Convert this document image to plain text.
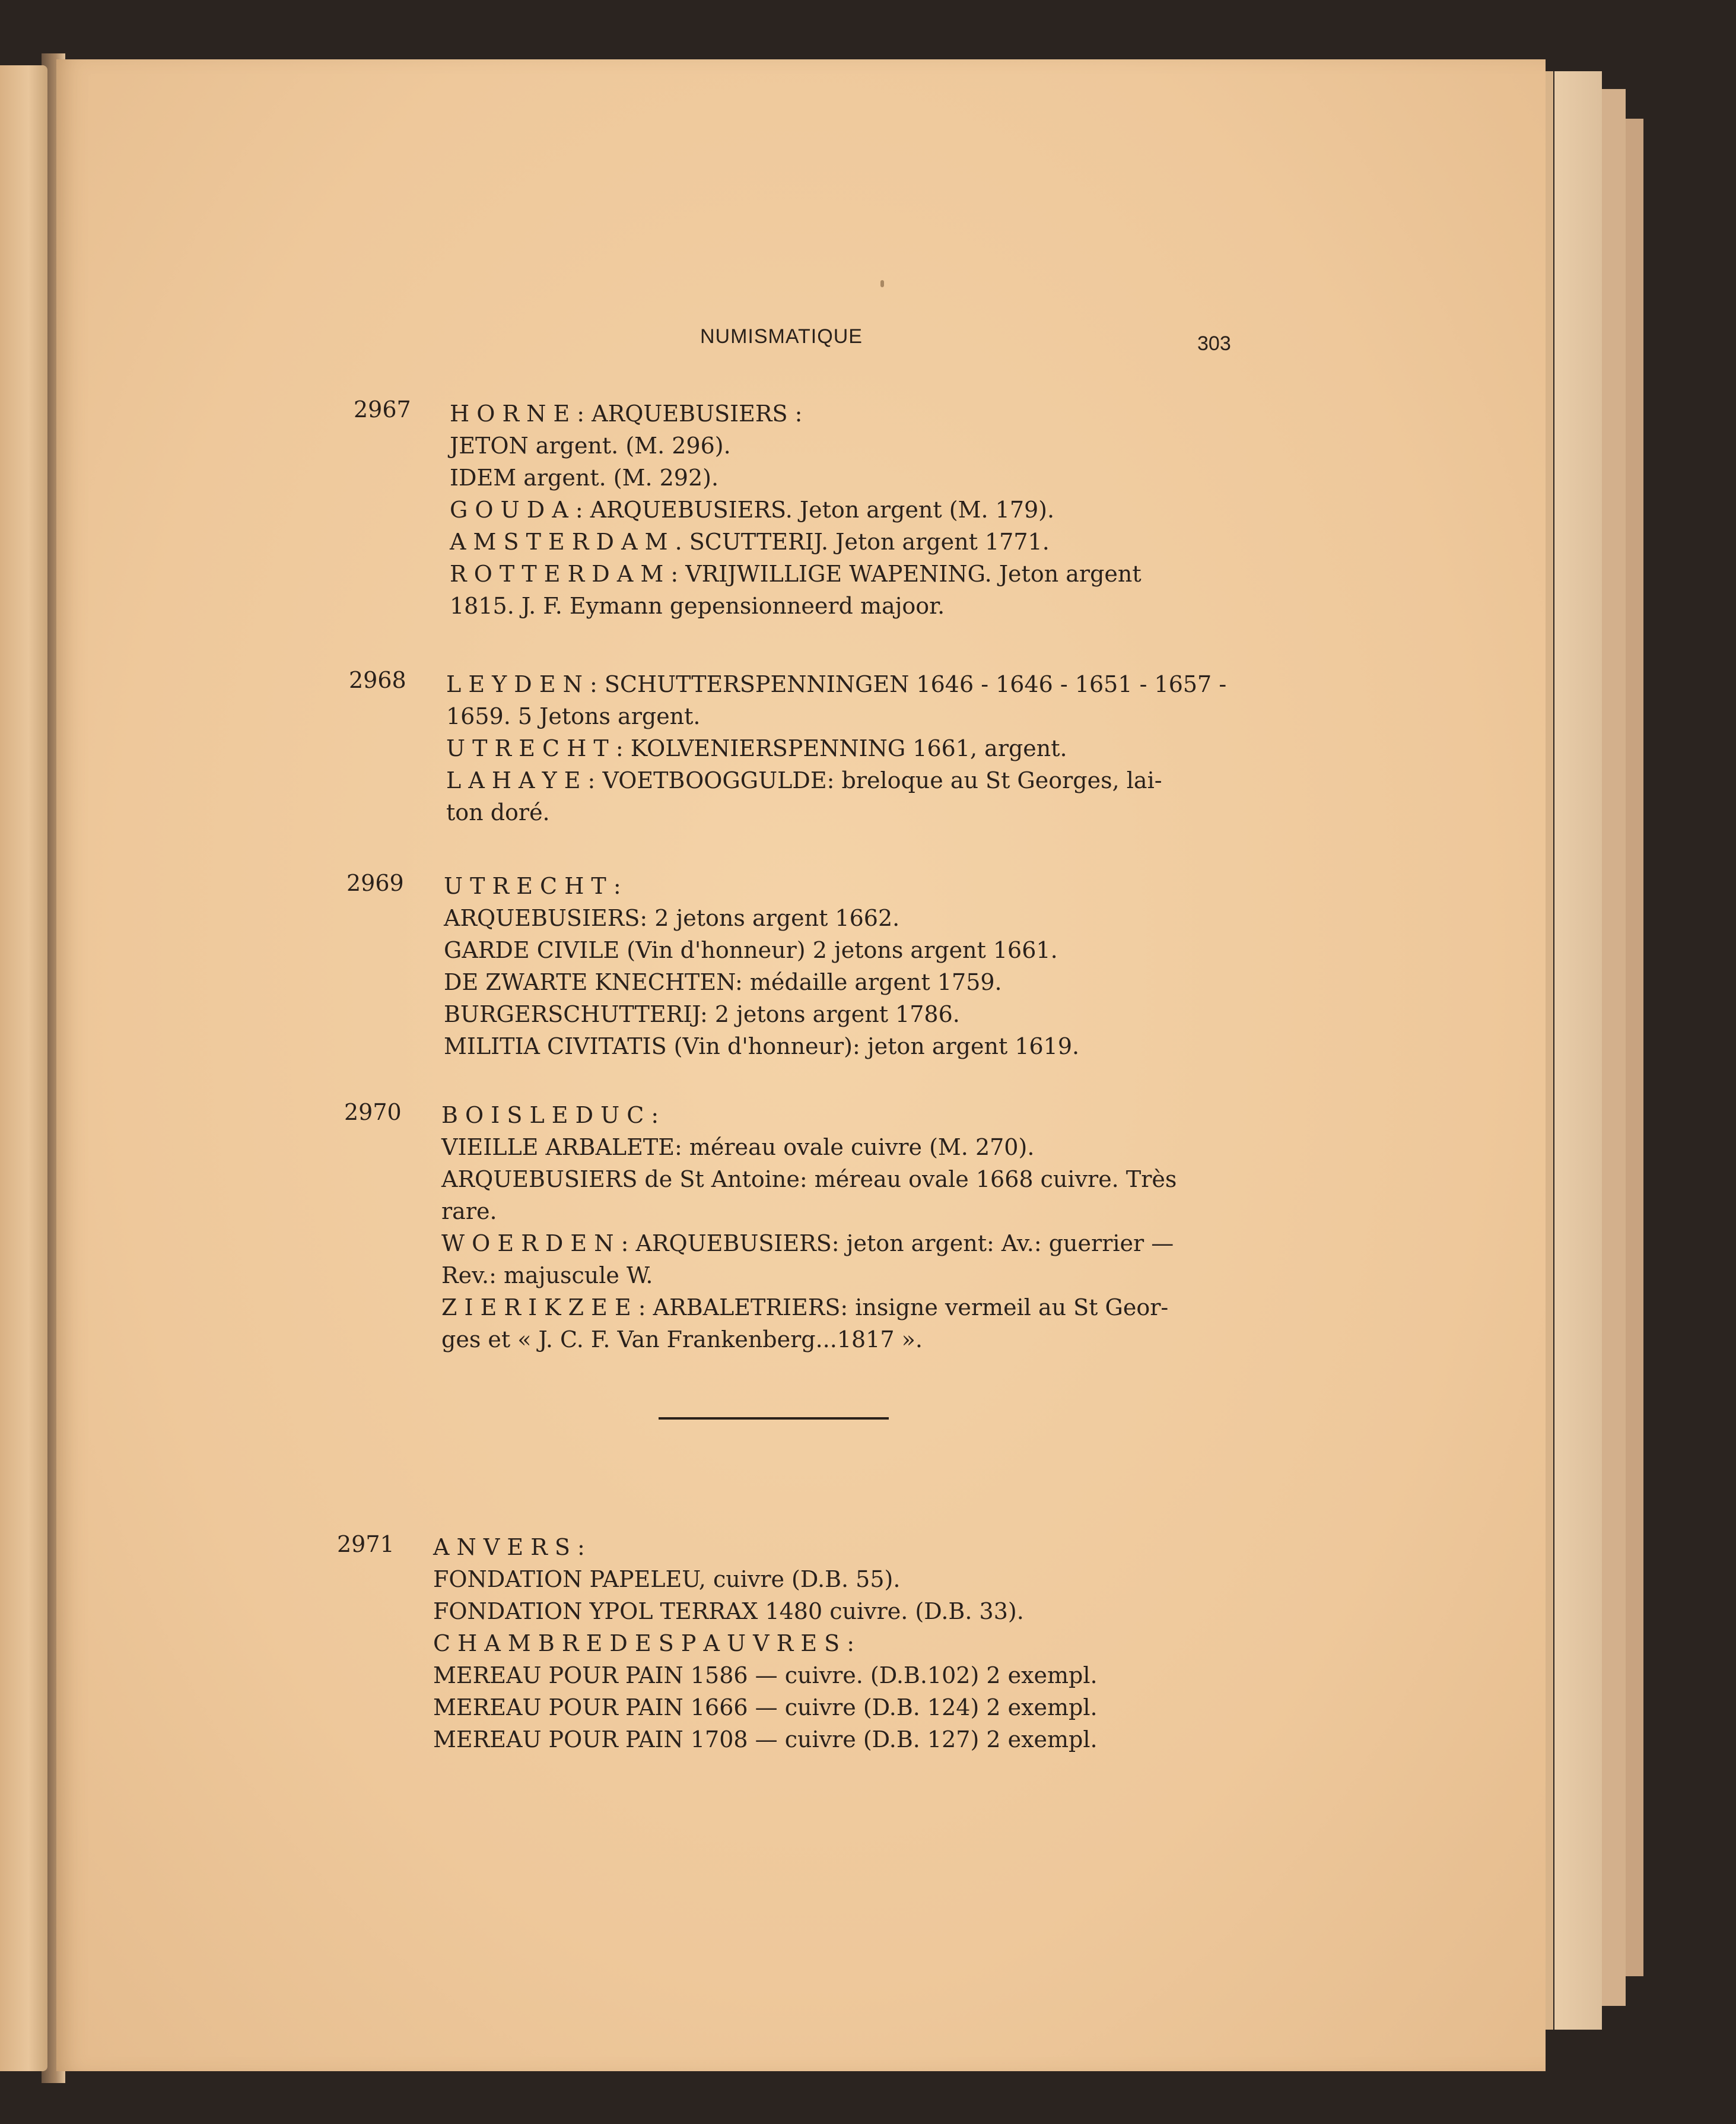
NUMISMATIQUE	303
2967 H O R N E : ARQUEBUSIERS :
JETON argent. (M. 296).
IDEM argent. (M. 292).
G O U D A : ARQUEBUSIERS. Jeton argent (M. 179).
A M S T E R D A M . SCUTTERIJ. Jeton argent 1771.
R O T T E R D A M : VRIJWILLIGE WAPENING. Jeton argent
1815. J. F. Eymann gepensionneerd majoor.
2968 L E Y D E N : SCHUTTERSPENNINGEN 1646 - 1646 - 1651 - 1657 -
1659. 5 Jetons argent.
U T R E C H T : KOLVENIERSPENNING 1661, argent.
L A H A Y E : VOETBOOGGULDE: breloque au St Georges, lai-
ton doré.
2969 U T R E C H T :
ARQUEBUSIERS: 2 jetons argent 1662.
GARDE CIVILE (Vin d'honneur) 2 jetons argent 1661.
DE ZWARTE KNECHTEN: médaille argent 1759.
BURGERSCHUTTERIJ: 2 jetons argent 1786.
MILITIA CIVITATIS (Vin d'honneur): jeton argent 1619.
2970 B O I S L E D U C :
VIEILLE ARBALETE: méreau ovale cuivre (M. 270).
ARQUEBUSIERS de St Antoine: méreau ovale 1668 cuivre. Très
rare.
W O E R D E N : ARQUEBUSIERS: jeton argent: Av.: guerrier —
Rev.: majuscule W.
Z I E R I K Z E E : ARBALETRIERS: insigne vermeil au St Geor-
ges et « J. C. F. Van Frankenberg...1817 ».
2971 A N V E R S :
FONDATION PAPELEU, cuivre (D.B. 55).
FONDATION YPOL TERRAX 1480 cuivre. (D.B. 33).
C H A M B R E D E S P A U V R E S :
MEREAU POUR PAIN 1586 — cuivre. (D.B.102) 2 exempl.
MEREAU POUR PAIN 1666 — cuivre (D.B. 124) 2 exempl.
MEREAU POUR PAIN 1708 — cuivre (D.B. 127) 2 exempl.
